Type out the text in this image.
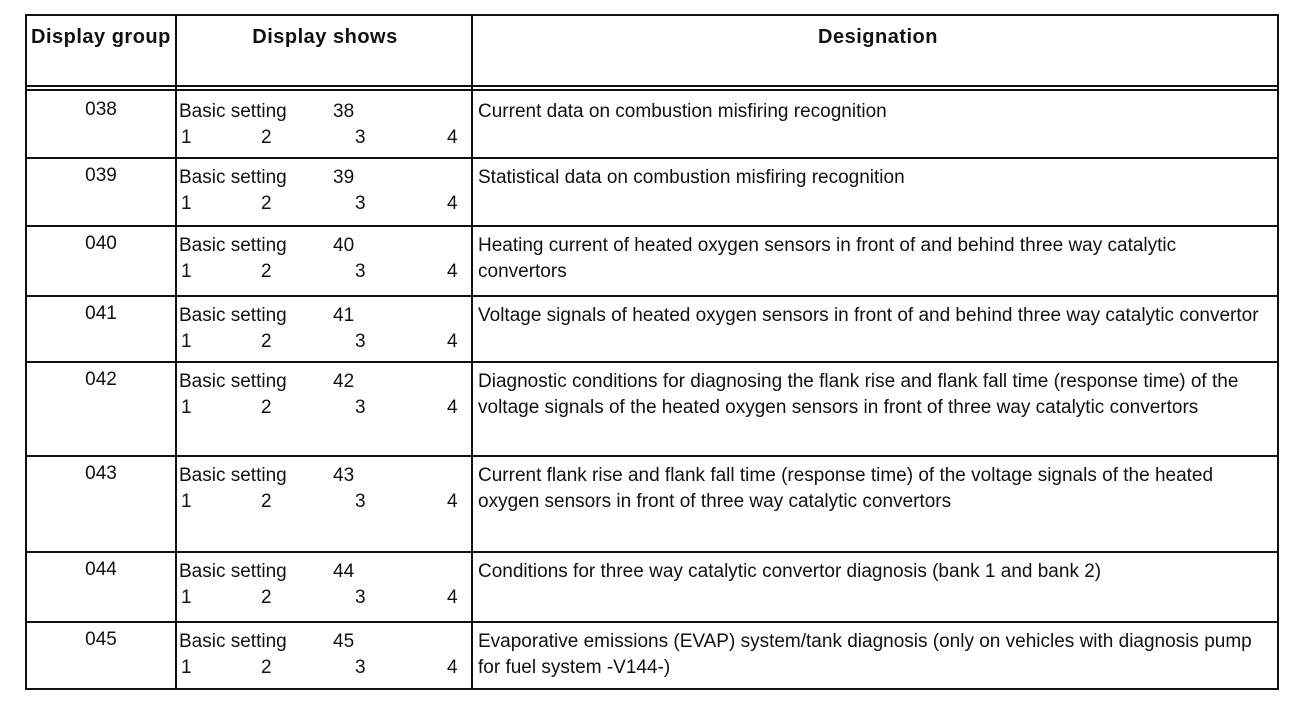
Display group	Display shows	Designation
038	Basic setting	38
1	2	3	4
Current data on combustion misfiring recognition
039	Basic setting	39
1	2	3	4
Statistical data on combustion misfiring recognition
040	Basic setting	40
1	2	3	4
Heating current of heated oxygen sensors in front of and behind three way catalytic convertors
041	Basic setting	41
1	2	3	4
Voltage signals of heated oxygen sensors in front of and behind three way catalytic convertor
042	Basic setting	42
1	2	3	4
Diagnostic conditions for diagnosing the flank rise and flank fall time (response time) of the voltage signals of the heated oxygen sensors in front of three way catalytic convertors
043	Basic setting	43
1	2	3	4
Current flank rise and flank fall time (response time) of the voltage signals of the heated oxygen sensors in front of three way catalytic convertors
044	Basic setting	44
1	2	3	4
Conditions for three way catalytic convertor diagnosis (bank 1 and bank 2)
045	Basic setting	45
1	2	3	4
Evaporative emissions (EVAP) system/tank diagnosis (only on vehicles with diagnosis pump for fuel system -V144-)
